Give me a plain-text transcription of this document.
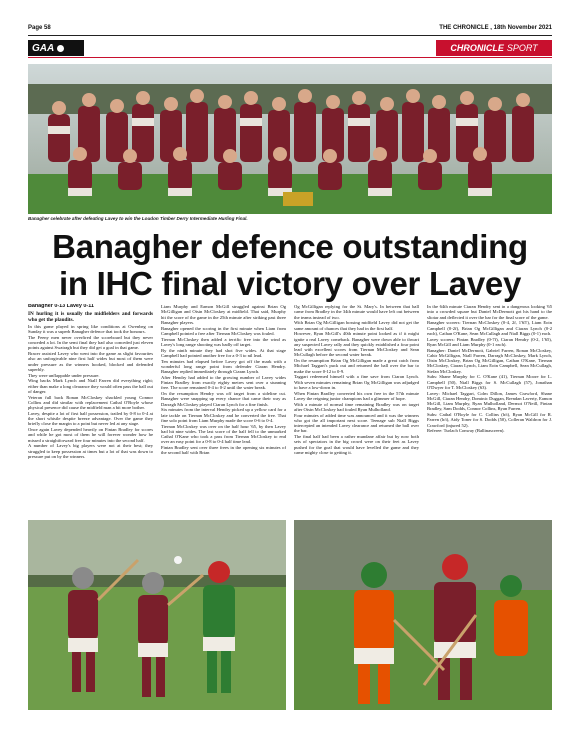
Page 58	THE CHRONICLE , 18th November 2021
GAA	CHRONICLE SPORT
Banagher celebrate after defeating Lavey to win the Loudon Timber Derry Intermediate Hurling Final.
Banagher defence outstanding
in IHC final victory over Lavey

Banagher 0-13 Lavey 0-11

IN hurling it is usually the midfielders and forwards who get the plaudits.

In this game played in spring like conditions at Owenbeg on Sunday it was a superb Banagher defence that took the honours.

The Feeny men never overfired the scoreboard but they never conceded a lot. In the semi final they had also conceded just eleven points against Swatragh but they did get a goal in that game.

Bracer assisted Lavey who went into the game as slight favourites also an unforgivable nine first half wides but most of them were under pressure as the winners hooked, blocked and defended superbly.

They were unflappable under pressure.

Wing backs Mark Lynch and Niall Farren did everything right; either than make a long clearance they would often pass the ball out of danger.

Veteran full back Ronan McCloskey shackled young Connor Collins and did similar with replacement Cathal O'Boyle whose physical presence did cause the midfield man a bit more bother.

Lavey, despite a lot of first half possession, trailed by 0-8 to 0-4 at the short whistle despite breeze advantage. Over the game they briefly close the margin to a point but never led at any stage.

Once again Lavey depended heavily on Fintan Bradley for scores and while he got most of them he will forever wonder how he missed a straightforward free four minutes into the second half.

A number of Lavey's big players were not at their best; they struggled to keep possession at times but a lot of that was down to pressure put on by the winners.

Liam Murphy and Eamon McGill struggled against Brian Og McGilligan and Oisin McCloskey at midfield. That said, Murphy hit the score of the game in the 25th minute after striking past three Banagher players.

Banagher opened the scoring in the first minute when Liam from Campbell pointed a free after Tiernan McCloskey was fouled.

Tiernan McCloskey then added a terrific free into the wind as Lavey's long range shooting was badly off target.

By the ninth minute they had shot five wides. At that stage Campbell had pointed another free for a 0-3 to nil lead.

Ten minutes had elapsed before Lavey got off the mark with a wonderful long range point from defender Ciaran Hendry. Banagher replied immediately through Ciaran Lynch.

After Hendry had added to the growing number of Lavey wides Fintan Bradley from exactly eighty metres sent over a stunning free. The score remained 0-4 to 0-2 until the water break.

On the resumption Hendry was off target from a sideline cut. Banagher were snapping up every chance that came their way as Darragh McCloskey played Ciaran Lynch for a fine finish.

Six minutes from the interval Hendry picked up a yellow card for a late tackle on Tiernan McCloskey and he converted the free. That fine solo point from Liam Murphy made the score 0-6 to 0-4.

Tiernan McCloskey was over on the half hour '65, by then Lavey had hit nine wides. The last score of the half fell to the unmarked Cathal O'Kane who took a pass from Tiernan McCloskey to end over an easy point for a 0-8 to 0-4 half time lead.

Fintan Bradley sent over three frees in the opening six minutes of the second half with Brian

Og McGilligan replying for the St. Mary's. In between that ball came from Bradley in the 34th minute would have left out between the teams instead of two.

With Brian Og McGilligan bossing midfield Lavey did not get the same amount of chances that they had in the first half.

However, Ryan McGill's 40th minute point looked as if it might ignite a real Lavey comeback. Banagher were down able to thwart any suspected Lavey rally and they quickly established a four point lead with excellent scores from Tiernan McCloskey and Sean McCullagh before the second water break.

On the resumption Brian Og McGilligan made a great catch from Michael Taggart's puck out and returned the ball over the bar to make the score 0-12 to 0-9.

Taggart redeemed himself with a fine save from Ciaran Lynch. With seven minutes remaining Brian Og McGilligan was adjudged to have a low-down in.

When Fintan Bradley converted his own free in the 57th minute Lavey the reigning junior champions had a glimmer of hope.

With a minute of normal time remaining Bradley was on target after Oisin McCloskey had fouled Ryan Mulholland.

Four minutes of added time was announced and it was the winners who got the all important next score. Teenage sub Niall Biggs intercepted an intended Lavey clearance and returned the ball over the bar.

The final half had been a rather mundane affair but by now both sets of spectators in the big crowd were on their feet as Lavey pushed for the goal that would have levelled the game and they came mighty close to getting it.

In the 64th minute Ciaran Hendry sent in a dangerous looking '65 into a crowded square but Daniel McDermott got his hand to the sliotar and deflected it over the bar for the final score of the game.

Banagher scorers: Tiernan McCloskey (0-4, 2f, 1'65'), Liam Eoin Campbell (0-2f), Brian Og McGilligan and Ciaran Lynch (0-2 each), Cathan O'Kane, Sean McCullagh and Niall Biggs (0-1) each.

Lavey scorers: Fintan Bradley (0-7f), Ciaran Hendry (0-2, 1'65), Ryan McGill and Liam Murphy (0-1 each).

Banagher: Daniel McDermott, Gabriel Farren, Ronan McCloskey, Cahir McGilligan, Niall Farren, Darragh McCloskey, Mark Lynch, Oisin McCloskey, Brian Og McGilligan, Cathan O'Kane, Tiernan McCloskey, Ciaran Lynch, Liam Eoin Campbell, Sean McCullagh, Stefan McCloskey.

Subs: Shane Murphy for C. O'Kane (41), Tiernan Moore for L. Campbell (50), Niall Biggs for S. McCullagh (57), Jonathan O'Dwyer for T. McCloskey (63).

Lavey: Michael Taggart, Colm Dillon, James Crawford, Shane McGill, Ciaran Hendry, Dominic Duggan, Brendan Laverty, Eamon McGill, Liam Murphy, Ryan Mulholland, Dermot O'Neill, Fintan Bradley, Sam Dodds, Connor Collins, Ryan Farren.

Subs: Cathal O'Boyle for C. Collins (h/t), Ryan McGill for R. Farren (h/t), Aidy Toner for S. Dodds (50), Colleran Waldron for J. Crawford (injured 52).

Referee: Turlach Conway (Ballinascreen).
